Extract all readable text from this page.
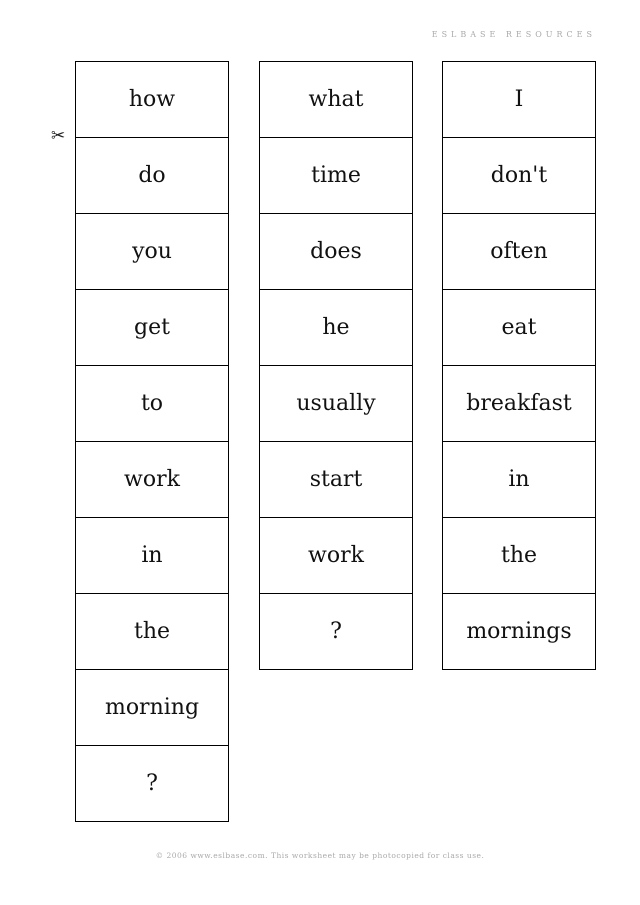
ESLBASE RESOURCES
✂
how
do
you
get
to
work
in
the
morning
?
what
time
does
he
usually
start
work
?
I
don't
often
eat
breakfast
in
the
mornings
© 2006 www.eslbase.com. This worksheet may be photocopied for class use.
